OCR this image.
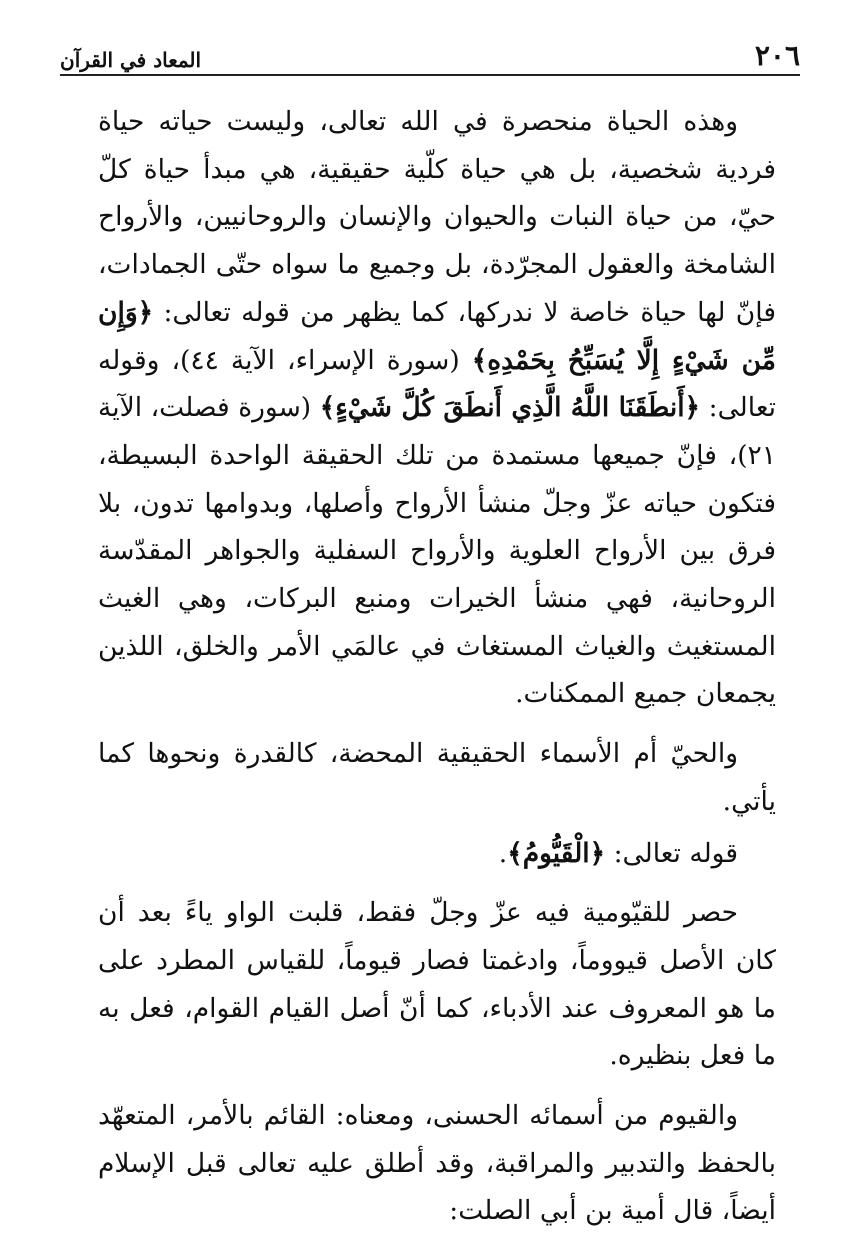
٢٠٦
المعاد في القرآن

وهذه الحياة منحصرة في الله تعالى، وليست حياته حياة فردية شخصية، بل هي حياة كلّية حقيقية، هي مبدأ حياة كلّ حيّ، من حياة النبات والحيوان والإنسان والروحانيين، والأرواح الشامخة والعقول المجرّدة، بل وجميع ما سواه حتّى الجمادات، فإنّ لها حياة خاصة لا ندركها، كما يظهر من قوله تعالى: ﴿وَإِن مِّن شَيْءٍ إِلَّا يُسَبِّحُ بِحَمْدِهِ﴾ (سورة الإسراء، الآية ٤٤)، وقوله تعالى: ﴿أَنطَقَنَا اللَّهُ الَّذِي أَنطَقَ كُلَّ شَيْءٍ﴾ (سورة فصلت، الآية ٢١)، فإنّ جميعها مستمدة من تلك الحقيقة الواحدة البسيطة، فتكون حياته عزّ وجلّ منشأ الأرواح وأصلها، وبدوامها تدون، بلا فرق بين الأرواح العلوية والأرواح السفلية والجواهر المقدّسة الروحانية، فهي منشأ الخيرات ومنبع البركات، وهي الغيث المستغيث والغياث المستغاث في عالمَي الأمر والخلق، اللذين يجمعان جميع الممكنات.

والحيّ أم الأسماء الحقيقية المحضة، كالقدرة ونحوها كما يأتي.

قوله تعالى: ﴿الْقَيُّومُ﴾.

حصر للقيّومية فيه عزّ وجلّ فقط، قلبت الواو ياءً بعد أن كان الأصل قيووماً، وادغمتا فصار قيوماً، للقياس المطرد على ما هو المعروف عند الأدباء، كما أنّ أصل القيام القوام، فعل به ما فعل بنظيره.

والقيوم من أسمائه الحسنى، ومعناه: القائم بالأمر، المتعهّد بالحفظ والتدبير والمراقبة، وقد أطلق عليه تعالى قبل الإسلام أيضاً، قال أمية بن أبي الصلت:
